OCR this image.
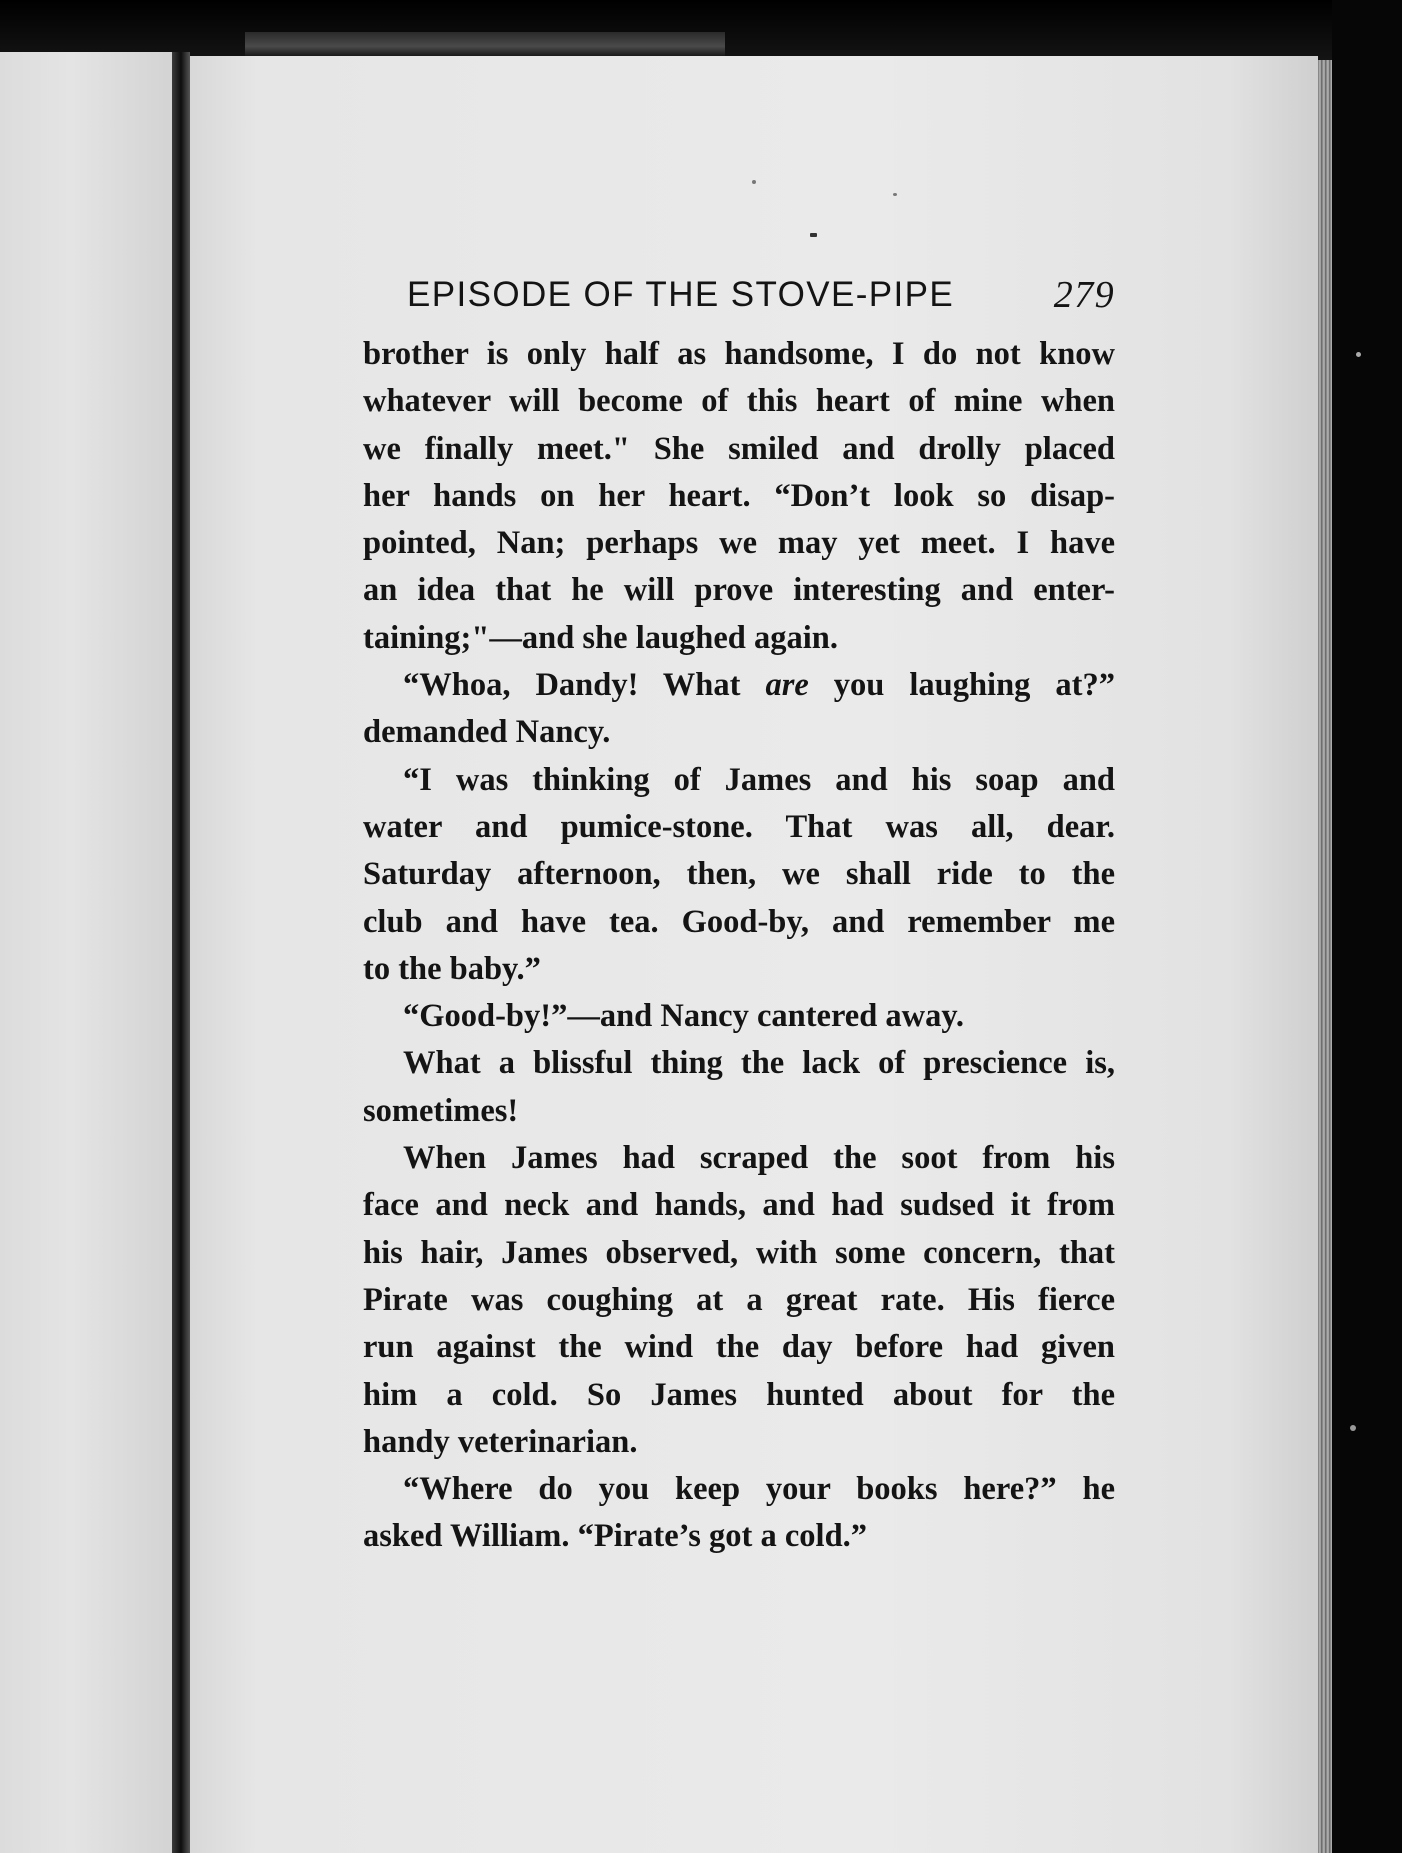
EPISODE OF THE STOVE-PIPE	279
brother is only half as handsome, I do not know
whatever will become of this heart of mine when
we finally meet." She smiled and drolly placed
her hands on her heart. “Don’t look so disap-
pointed, Nan; perhaps we may yet meet. I have
an idea that he will prove interesting and enter-
taining;"—and she laughed again.
“Whoa, Dandy! What are you laughing at?”
demanded Nancy.
“I was thinking of James and his soap and
water and pumice-stone. That was all, dear.
Saturday afternoon, then, we shall ride to the
club and have tea. Good-by, and remember me
to the baby.”
“Good-by!”—and Nancy cantered away.
What a blissful thing the lack of prescience is,
sometimes!
When James had scraped the soot from his
face and neck and hands, and had sudsed it from
his hair, James observed, with some concern, that
Pirate was coughing at a great rate. His fierce
run against the wind the day before had given
him a cold. So James hunted about for the
handy veterinarian.
“Where do you keep your books here?” he
asked William. “Pirate’s got a cold.”
